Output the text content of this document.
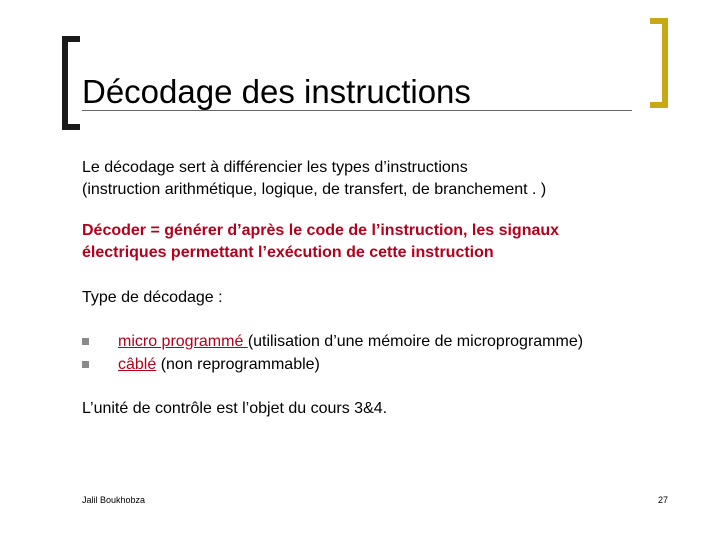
Décodage des instructions
Le décodage sert à différencier les types d’instructions
(instruction arithmétique, logique, de transfert, de branchement . )
Décoder = générer d’après le code de l’instruction, les signaux
électriques permettant l’exécution de cette instruction
Type de décodage :
micro programmé (utilisation d’une mémoire de microprogramme)
câblé (non reprogrammable)
L’unité de contrôle est l’objet du cours 3&4.
Jalil Boukhobza	27
